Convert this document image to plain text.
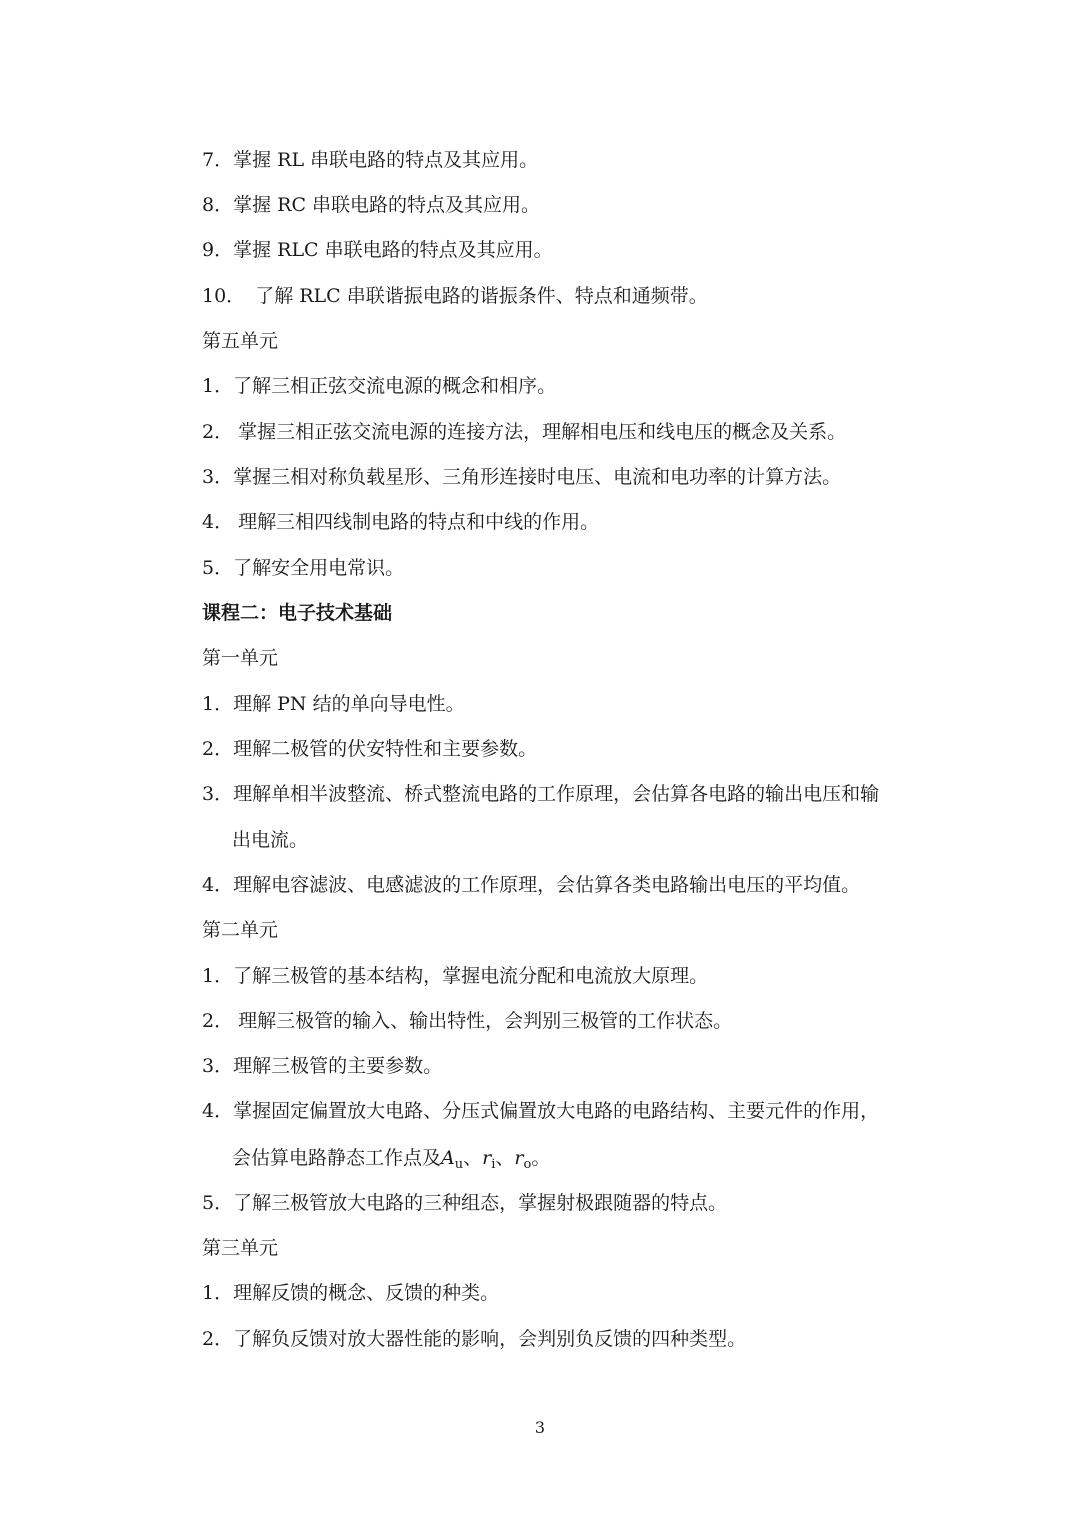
7．掌握 RL 串联电路的特点及其应用。
8．掌握 RC 串联电路的特点及其应用。
9．掌握 RLC 串联电路的特点及其应用。
10． 了解 RLC 串联谐振电路的谐振条件、特点和通频带。
第五单元
1．了解三相正弦交流电源的概念和相序。
2． 掌握三相正弦交流电源的连接方法，理解相电压和线电压的概念及关系。
3．掌握三相对称负载星形、三角形连接时电压、电流和电功率的计算方法。
4． 理解三相四线制电路的特点和中线的作用。
5．了解安全用电常识。
课程二：电子技术基础
第一单元
1．理解 PN 结的单向导电性。
2．理解二极管的伏安特性和主要参数。
3．理解单相半波整流、桥式整流电路的工作原理，会估算各电路的输出电压和输
出电流。
4．理解电容滤波、电感滤波的工作原理，会估算各类电路输出电压的平均值。
第二单元
1．了解三极管的基本结构，掌握电流分配和电流放大原理。
2． 理解三极管的输入、输出特性，会判别三极管的工作状态。
3．理解三极管的主要参数。
4．掌握固定偏置放大电路、分压式偏置放大电路的电路结构、主要元件的作用，
会估算电路静态工作点及$A_u$、$r_i$、$r_o$。
5．了解三极管放大电路的三种组态，掌握射极跟随器的特点。
第三单元
1．理解反馈的概念、反馈的种类。
2．了解负反馈对放大器性能的影响，会判别负反馈的四种类型。
3
